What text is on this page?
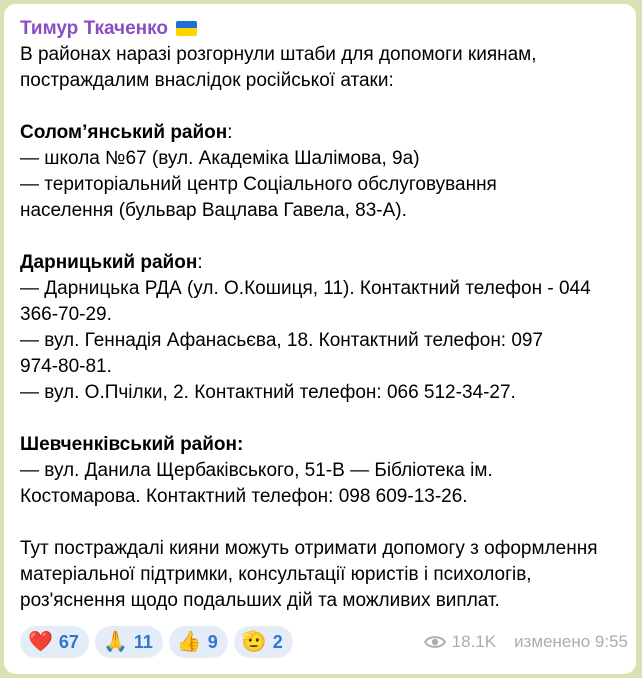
Тимур Ткаченко
В районах наразі розгорнули штаби для допомоги киянам,
постраждалим внаслідок російської атаки:
Солом’янський район:
— школа №67 (вул. Академіка Шалімова, 9а)
— територіальний центр Соціального обслуговування
населення (бульвар Вацлава Гавела, 83-А).
Дарницький район:
— Дарницька РДА (ул. О.Кошиця, 11). Контактний телефон - 044
366-70-29.
— вул. Геннадія Афанасьєва, 18. Контактний телефон: 097
974-80-81.
— вул. О.Пчілки, 2. Контактний телефон: 066 512-34-27.
Шевченківський район:
— вул. Данила Щербаківського, 51-В — Бібліотека ім.
Костомарова. Контактний телефон: 098 609-13-26.
Тут постраждалі кияни можуть отримати допомогу з оформлення
матеріальної підтримки, консультації юристів і психологів,
роз'яснення щодо подальших дій та можливих виплат.
❤️ 67 🙏 11 👍 9 🫡 2	18.1K изменено 9:55
